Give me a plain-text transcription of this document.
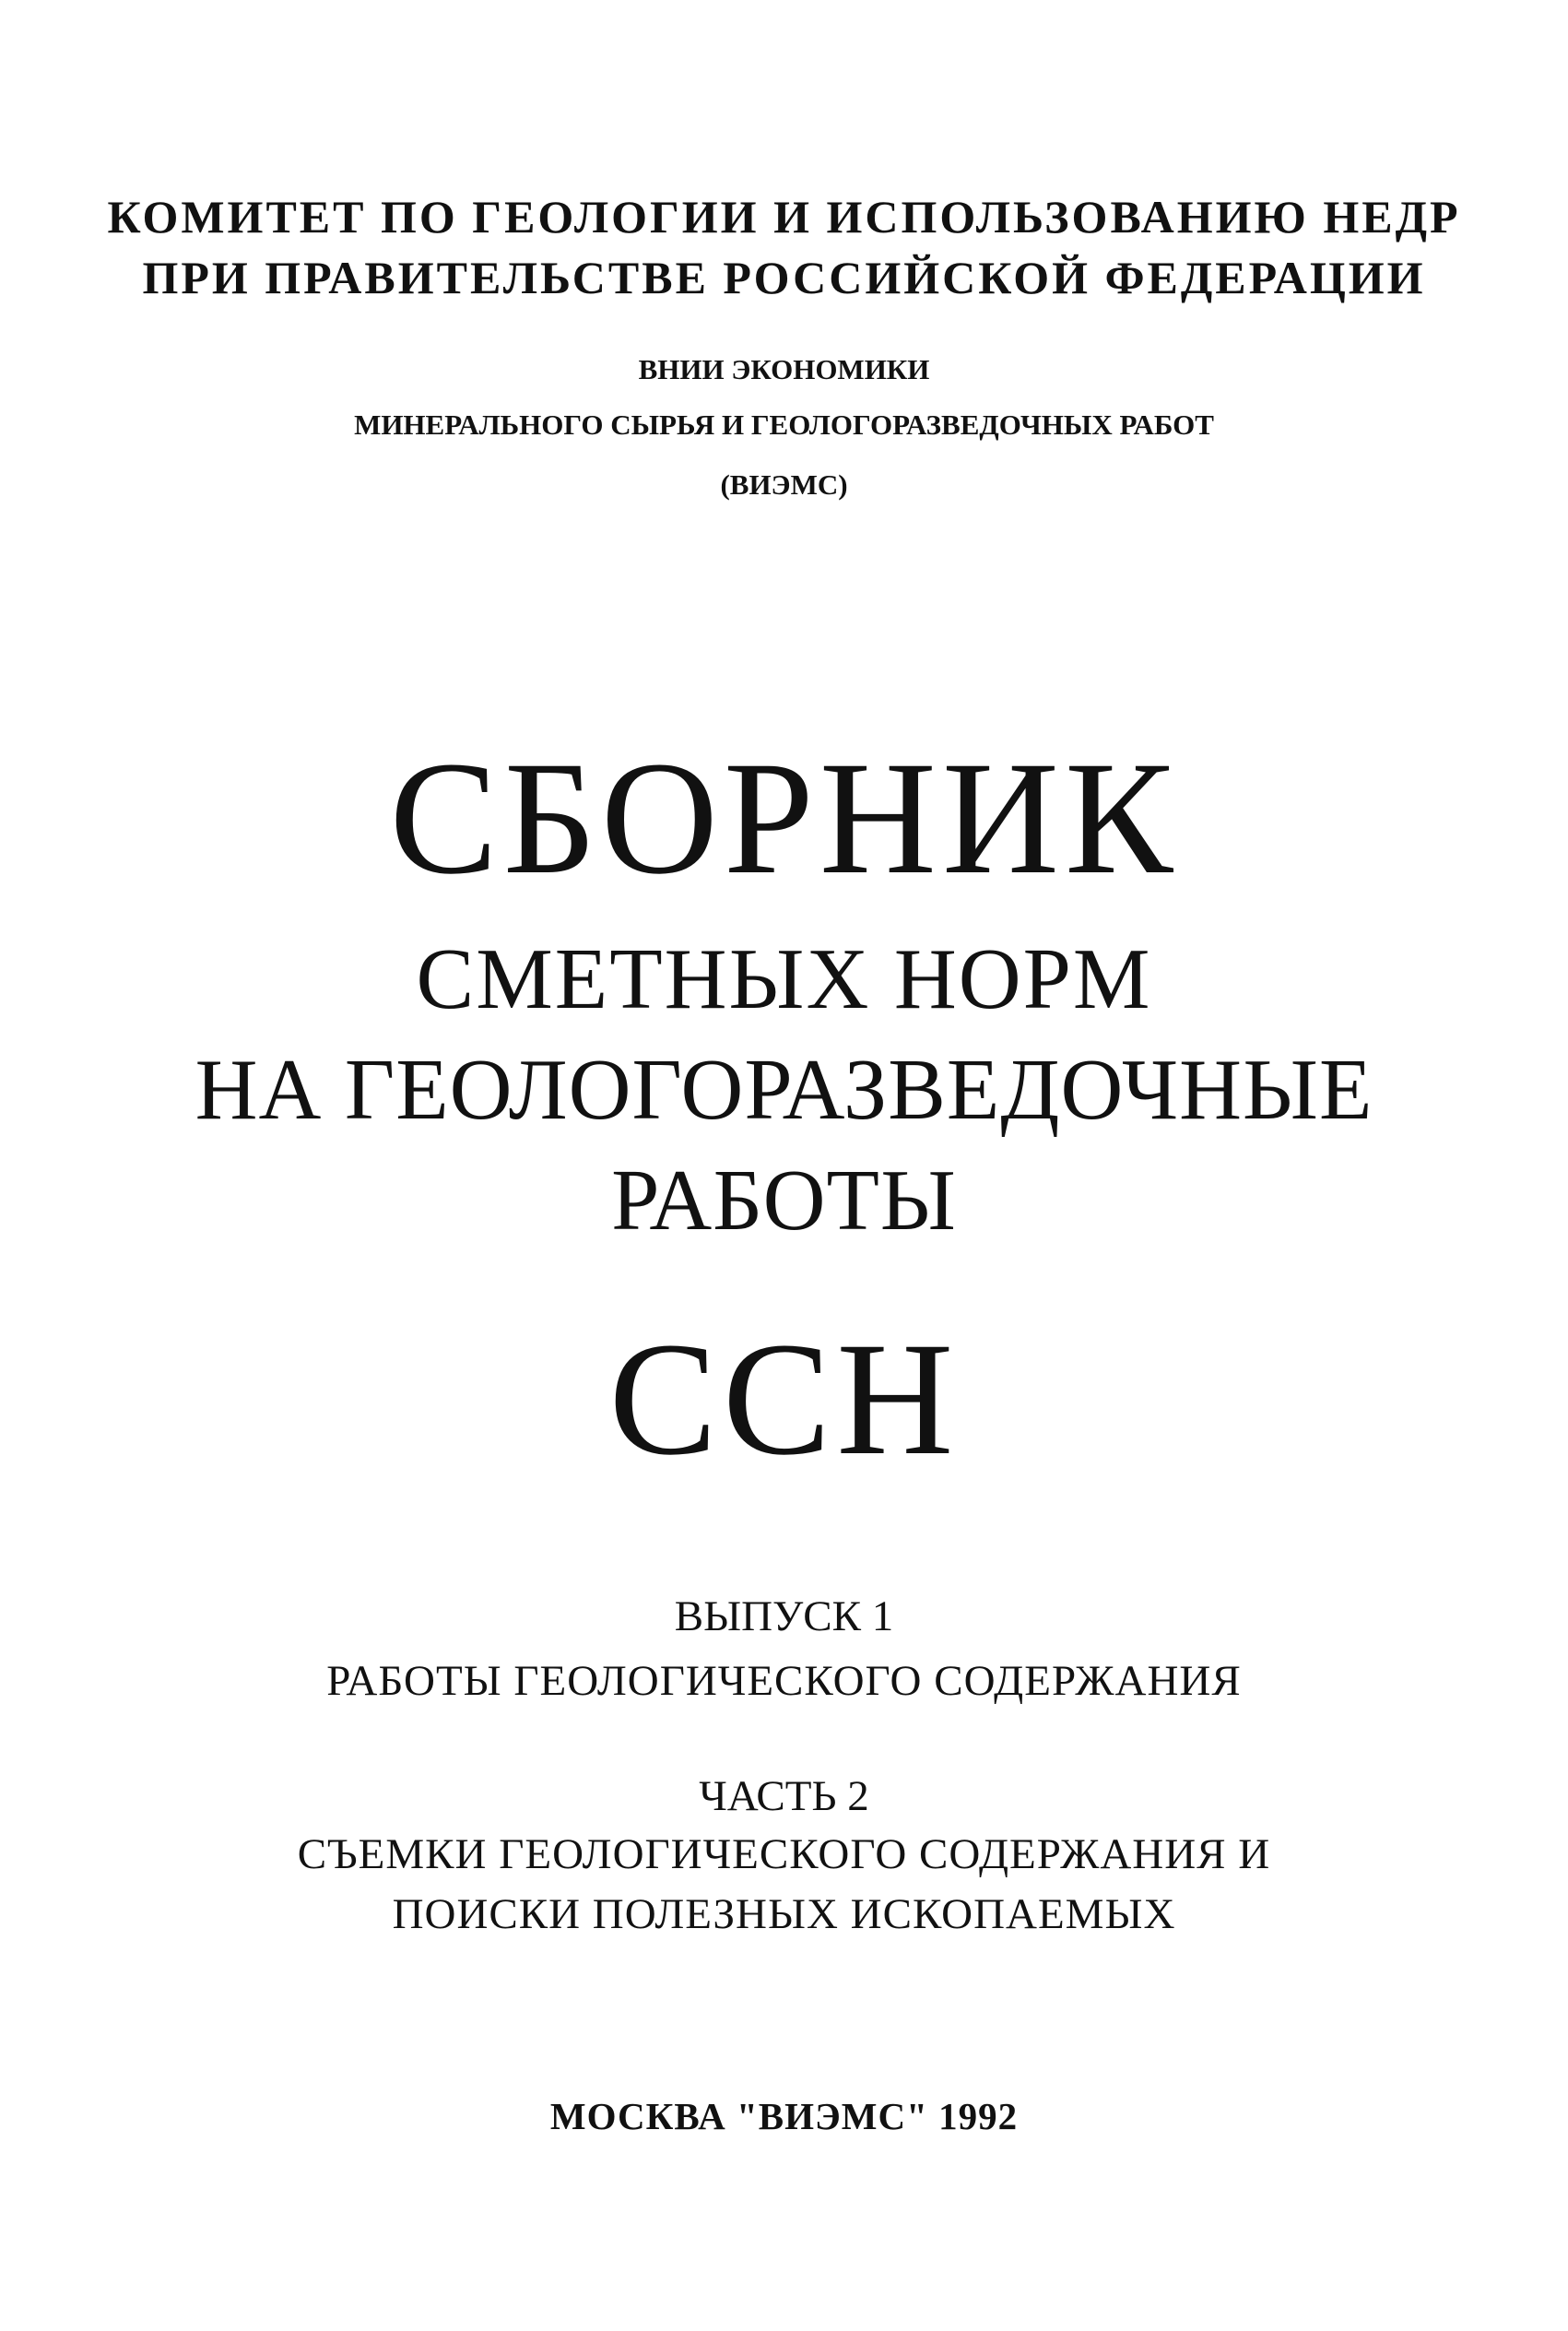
КОМИТЕТ ПО ГЕОЛОГИИ И ИСПОЛЬЗОВАНИЮ НЕДР
ПРИ ПРАВИТЕЛЬСТВЕ РОССИЙСКОЙ ФЕДЕРАЦИИ
ВНИИ ЭКОНОМИКИ
МИНЕРАЛЬНОГО СЫРЬЯ И ГЕОЛОГОРАЗВЕДОЧНЫХ РАБОТ
(ВИЭМС)
СБОРНИК
СМЕТНЫХ НОРМ
НА ГЕОЛОГОРАЗВЕДОЧНЫЕ
РАБОТЫ
ССН
ВЫПУСК 1
РАБОТЫ ГЕОЛОГИЧЕСКОГО СОДЕРЖАНИЯ
ЧАСТЬ 2
СЪЕМКИ ГЕОЛОГИЧЕСКОГО СОДЕРЖАНИЯ И
ПОИСКИ ПОЛЕЗНЫХ ИСКОПАЕМЫХ
МОСКВА "ВИЭМС" 1992
